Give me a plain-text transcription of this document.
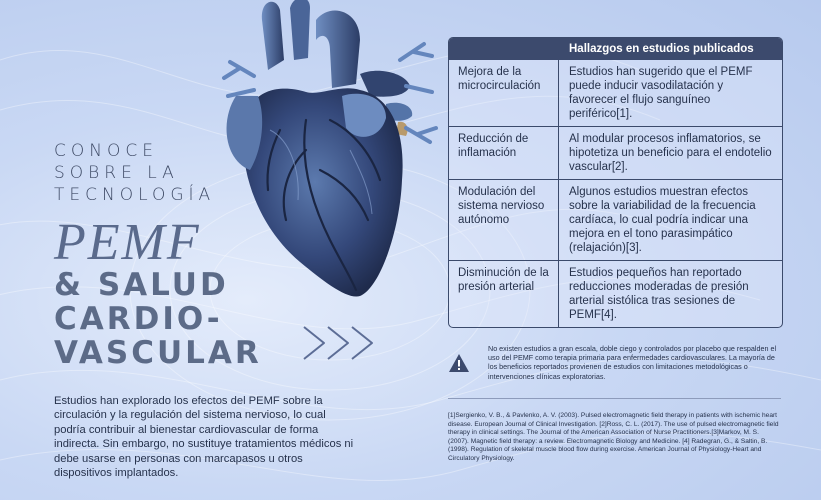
CONOCE SOBRE LA TECNOLOGÍA
PEMF
& SALUD CARDIO- VASCULAR
Estudios han explorado los efectos del PEMF sobre la circulación y la regulación del sistema nervioso, lo cual podría contribuir al bienestar cardiovascular de forma indirecta. Sin embargo, no sustituye tratamientos médicos ni debe usarse en personas con marcapasos u otros dispositivos implantados.
Hallazgos en estudios publicados
Mejora de la microcirculación
Estudios han sugerido que el PEMF puede inducir vasodilatación y favorecer el flujo sanguíneo periférico[1].
Reducción de inflamación
Al modular procesos inflamatorios, se hipotetiza un beneficio para el endotelio vascular[2].
Modulación del sistema nervioso autónomo
Algunos estudios muestran efectos sobre la variabilidad de la frecuencia cardíaca, lo cual podría indicar una mejora en el tono parasimpático (relajación)[3].
Disminución de la presión arterial
Estudios pequeños han reportado reducciones moderadas de presión arterial sistólica tras sesiones de PEMF[4].
No existen estudios a gran escala, doble ciego y controlados por placebo que respalden el uso del PEMF como terapia primaria para enfermedades cardiovasculares. La mayoría de los beneficios reportados provienen de estudios con limitaciones metodológicas o intervenciones clínicas exploratorias.
[1]Sergienko, V. B., & Pavlenko, A. V. (2003). Pulsed electromagnetic field therapy in patients with ischemic heart disease. European Journal of Clinical Investigation. [2]Ross, C. L. (2017). The use of pulsed electromagnetic field therapy in clinical settings. The Journal of the American Association of Nurse Practitioners.[3]Markov, M. S. (2007). Magnetic field therapy: a review. Electromagnetic Biology and Medicine. [4] Radegran, G., & Saltin, B. (1998). Regulation of skeletal muscle blood flow during exercise. American Journal of Physiology-Heart and Circulatory Physiology.
